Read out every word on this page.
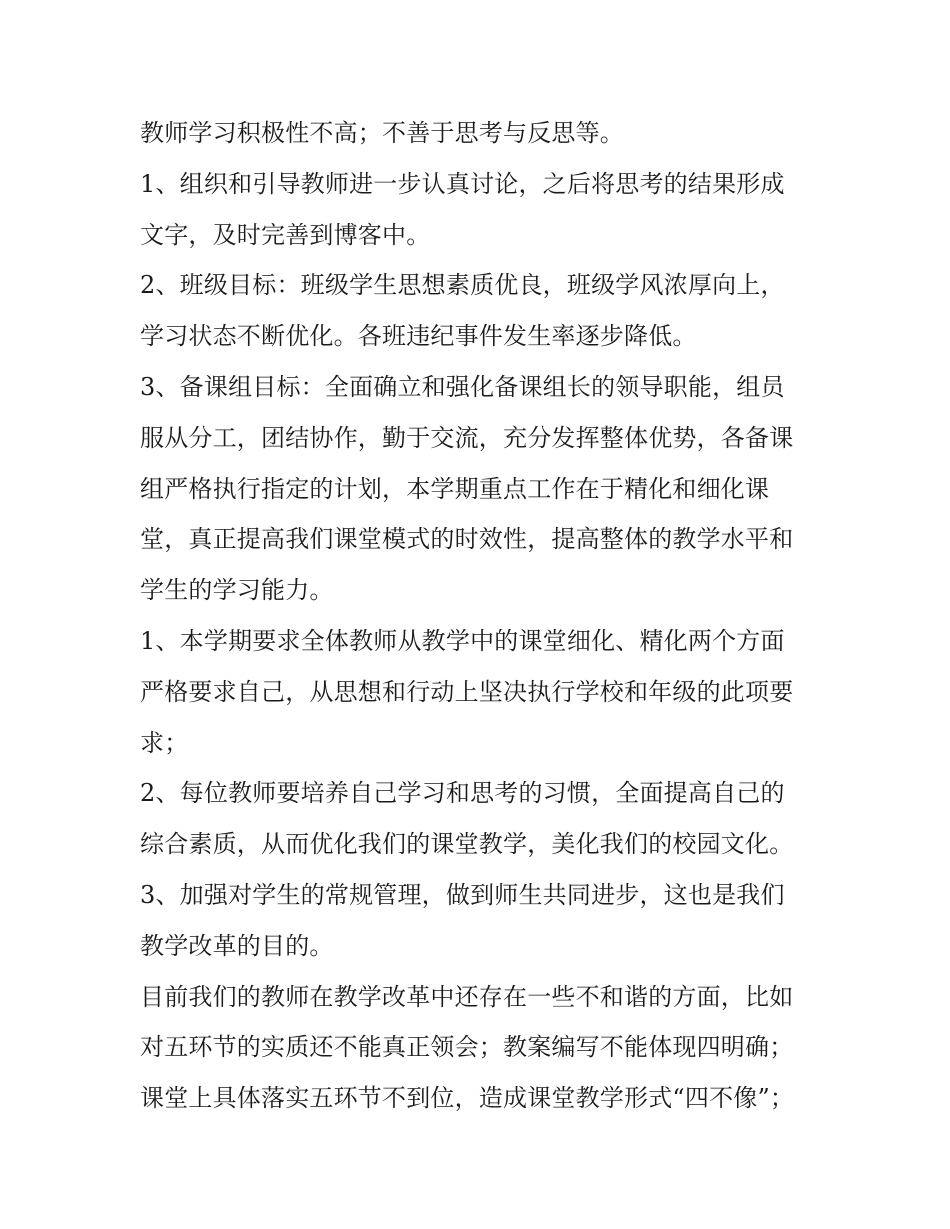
教师学习积极性不高；不善于思考与反思等。
1、组织和引导教师进一步认真讨论，之后将思考的结果形成
文字，及时完善到博客中。
2、班级目标：班级学生思想素质优良，班级学风浓厚向上，
学习状态不断优化。各班违纪事件发生率逐步降低。
3、备课组目标：全面确立和强化备课组长的领导职能，组员
服从分工，团结协作，勤于交流，充分发挥整体优势，各备课
组严格执行指定的计划，本学期重点工作在于精化和细化课
堂，真正提高我们课堂模式的时效性，提高整体的教学水平和
学生的学习能力。
1、本学期要求全体教师从教学中的课堂细化、精化两个方面
严格要求自己，从思想和行动上坚决执行学校和年级的此项要
求；
2、每位教师要培养自己学习和思考的习惯，全面提高自己的
综合素质，从而优化我们的课堂教学，美化我们的校园文化。
3、加强对学生的常规管理，做到师生共同进步，这也是我们
教学改革的目的。
目前我们的教师在教学改革中还存在一些不和谐的方面，比如
对五环节的实质还不能真正领会；教案编写不能体现四明确；
课堂上具体落实五环节不到位，造成课堂教学形式“四不像”；
